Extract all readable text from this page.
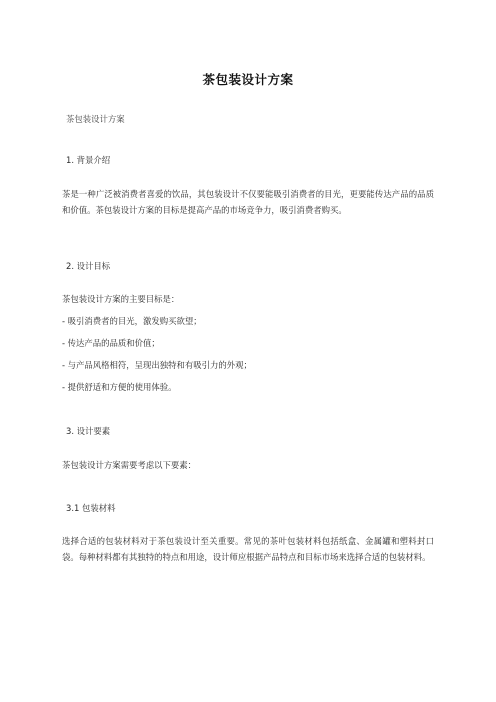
茶包装设计方案
茶包装设计方案
1. 背景介绍
茶是一种广泛被消费者喜爱的饮品，其包装设计不仅要能吸引消费者的目光，更要能传达产品的品质和价值。茶包装设计方案的目标是提高产品的市场竞争力，吸引消费者购买。
2. 设计目标
茶包装设计方案的主要目标是：
- 吸引消费者的目光，激发购买欲望；
- 传达产品的品质和价值；
- 与产品风格相符，呈现出独特和有吸引力的外观；
- 提供舒适和方便的使用体验。
3. 设计要素
茶包装设计方案需要考虑以下要素：
3.1 包装材料
选择合适的包装材料对于茶包装设计至关重要。常见的茶叶包装材料包括纸盒、金属罐和塑料封口袋。每种材料都有其独特的特点和用途，设计师应根据产品特点和目标市场来选择合适的包装材料。
